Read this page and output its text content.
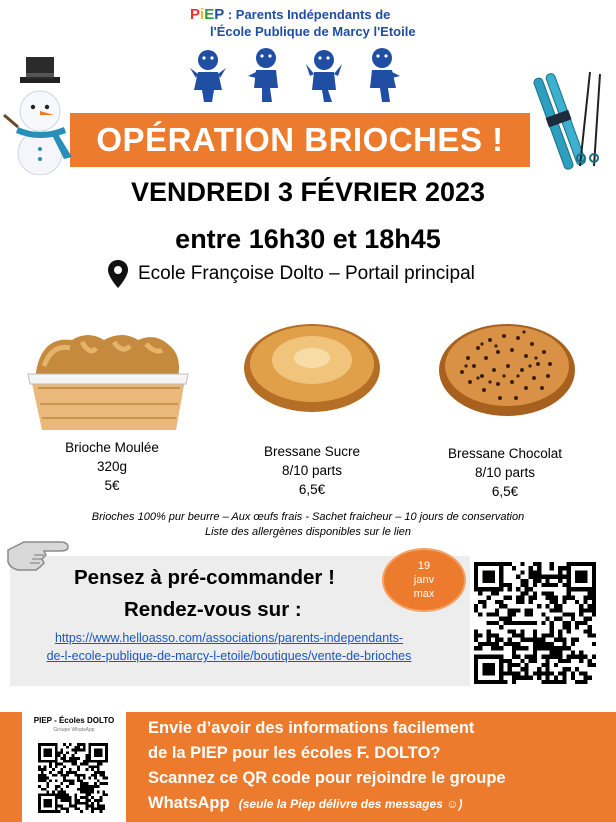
PiEP : Parents Indépendants de
l'École Publique de Marcy l'Etoile
OPÉRATION BRIOCHES !
VENDREDI 3 FÉVRIER 2023
entre 16h30 et 18h45
Ecole Françoise Dolto – Portail principal
Brioche Moulée
320g
5€
Bressane Sucre
8/10 parts
6,5€
Bressane Chocolat
8/10 parts
6,5€
Brioches 100% pur beurre – Aux œufs frais - Sachet fraicheur – 10 jours de conservation
Liste des allergènes disponibles sur le lien
Pensez à pré-commander !
Rendez-vous sur :
19
janv
max
https://www.helloasso.com/associations/parents-independants-
de-l-ecole-publique-de-marcy-l-etoile/boutiques/vente-de-brioches
PIEP - Écoles DOLTO
Groupe WhatsApp	Envie d’avoir des informations facilement
de la PIEP pour les écoles F. DOLTO?
Scannez ce QR code pour rejoindre le groupe
WhatsApp (seule la Piep délivre des messages ☺)
